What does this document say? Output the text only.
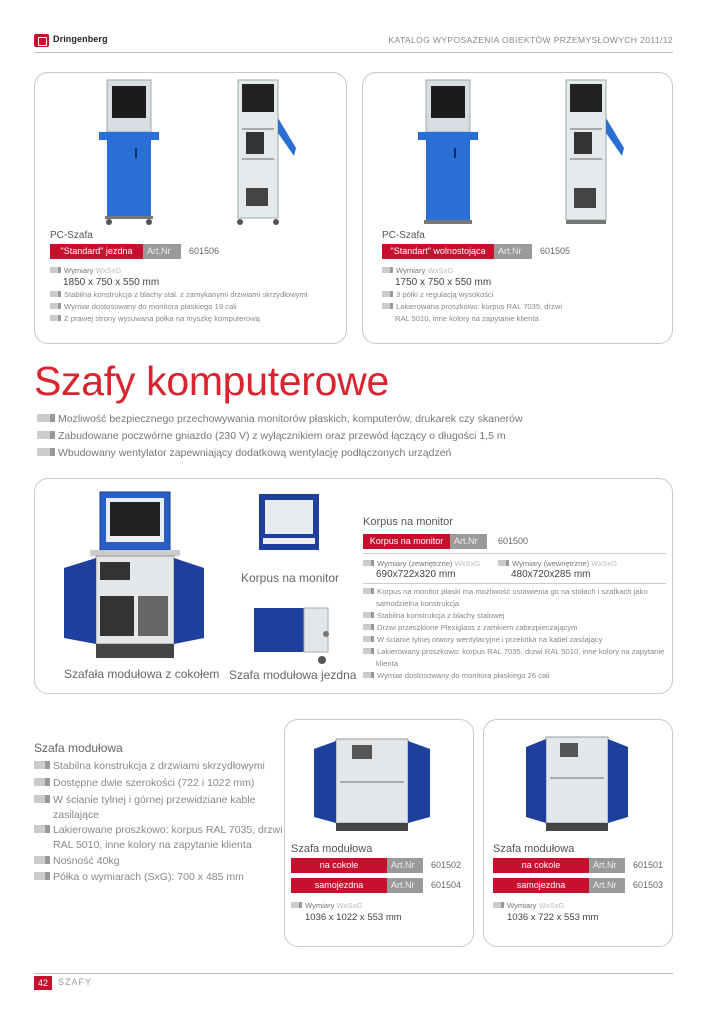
Dringenberg	KATALOG WYPOSAŻENIA OBIEKTÓW PRZEMYSŁOWYCH 2011/12
PC-Szafa
"Standard" jezdna	Art.Nr	601506
Wymiary WxSxG
1850 x 750 x 550 mm
Stabilna konstrukcja z blachy stal. z zamykanymi drzwiami skrzydłowymi
Wymiar dostosowany do monitora płaskiego 19 cali
Z prawej strony wysuwana półka na myszkę komputerową
PC-Szafa
"Standart" wolnostojąca	Art.Nr	601505
Wymiary WxSxG
1750 x 750 x 550 mm
3 półki z regulacją wysokości
Lakierowana proszkowo: korpus RAL 7035, drzwi
RAL 5010, inne kolory na zapytanie klienta
Szafy komputerowe
Możliwość bezpiecznego przechowywania monitorów płaskich, komputerów, drukarek czy skanerów
Zabudowane poczwórne gniazdo (230 V) z wyłącznikiem oraz przewód łączący o długości 1,5 m
Wbudowany wentylator zapewniający dodatkową wentylację podłączonych urządzeń
Korpus na monitor
Szafała modułowa z cokołem Szafa modułowa jezdna
Korpus na monitor
Korpus na monitor	Art.Nr	601500
Wymiary (zewnętrzne) WxSxG
690x722x320 mm
Wymiary (wewnętrzne) WxSxG
480x720x285 mm
Korpus na monitor płaski ma możliwość ustawienia go na stołach i szafkach jako
samodzielna konstrukcja
Stabilna konstrukcja z blachy stalowej
Drzwi przeszklone Plexiglass z zamkiem zabezpieczającym
W ścianie tylnej otwory wentylacyjne i przelotka na kabel zasilający
Lakierowany proszkowo: korpus RAL 7035, drzwi RAL 5010, inne kolory na zapytanie
klienta
Wymiar dostosowany do monitora płaskiego 26 cali
Szafa modułowa
Stabilna konstrukcja z drzwiami skrzydłowymi
Dostępne dwie szerokości (722 i 1022 mm)
W ścianie tylnej i górnej przewidziane kable
zasilające
Lakierowane proszkowo: korpus RAL 7035, drzwi
RAL 5010, inne kolory na zapytanie klienta
Nośność 40kg
Półka o wymiarach (SxG): 700 x 485 mm
Szafa modułowa
na cokole	Art.Nr	601502
samojezdna	Art.Nr	601504
Wymiary WxSxG
1036 x 1022 x 553 mm
Szafa modułowa
na cokole	Art.Nr	601501
samojezdna	Art.Nr	601503
Wymiary WxSxG
1036 x 722 x 553 mm
42	SZAFY
